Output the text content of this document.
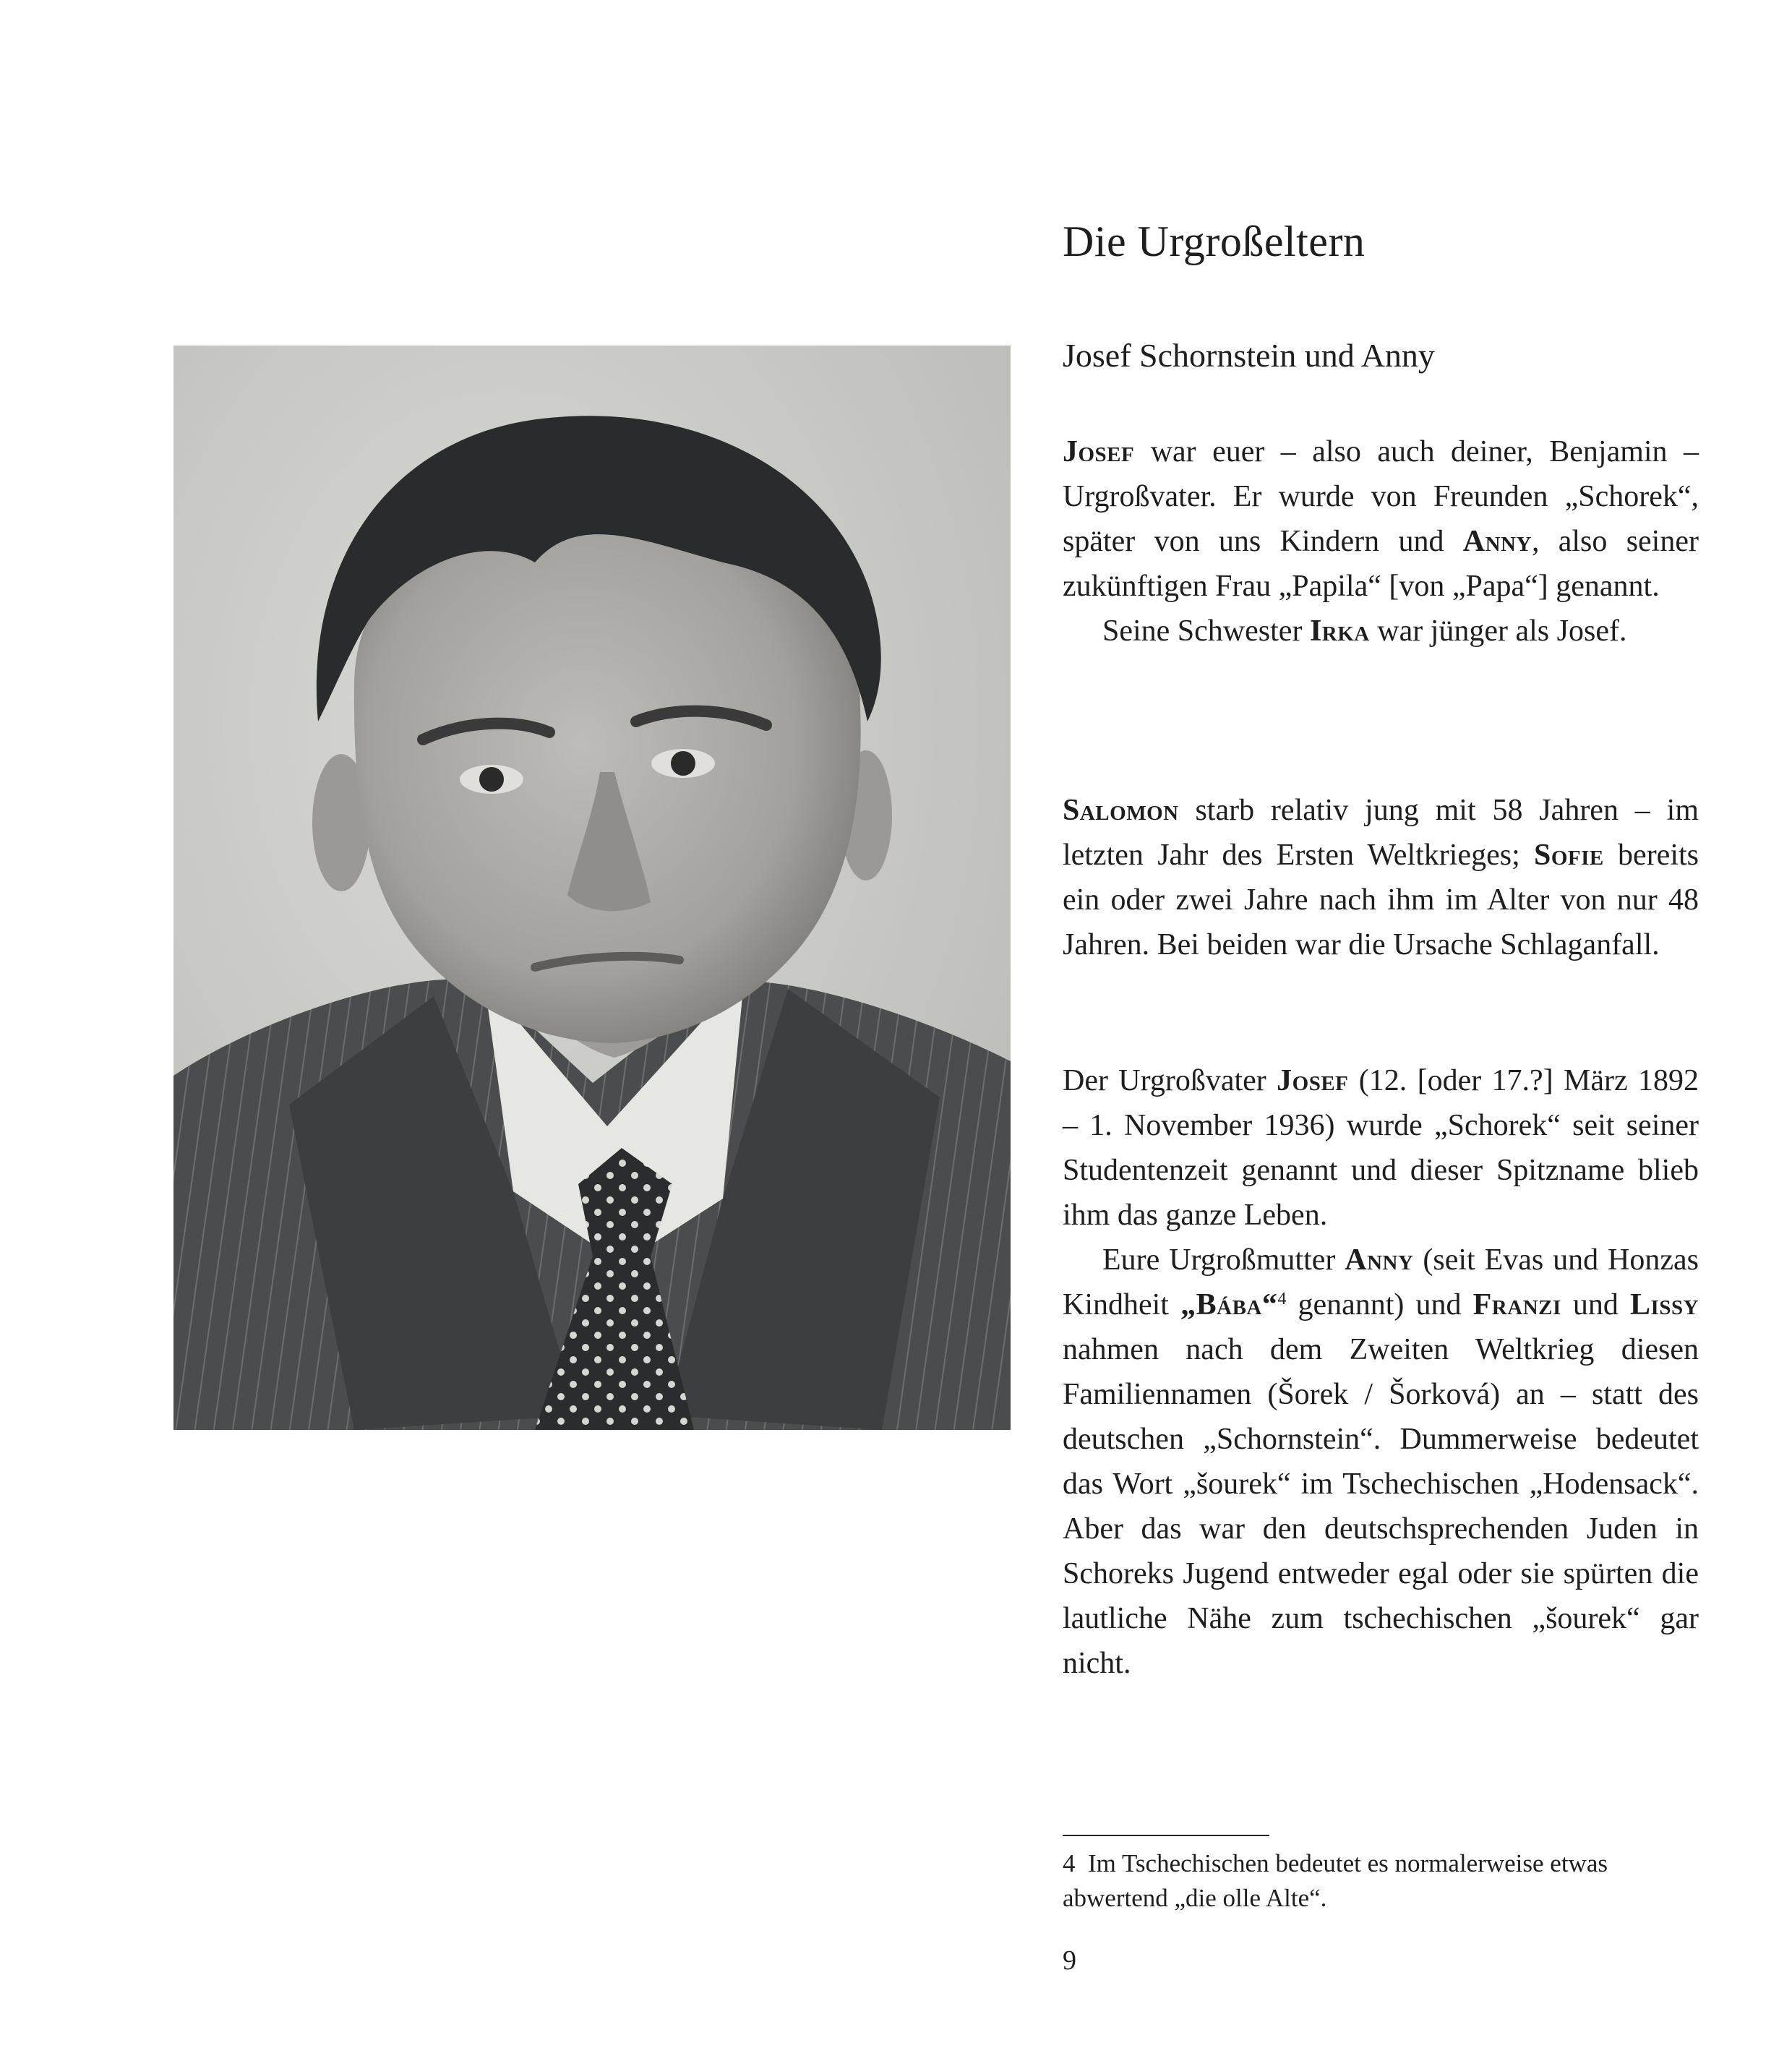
Die Urgroßeltern
Josef Schornstein und Anny

Josef war euer – also auch deiner, Benjamin – Urgroßvater. Er wurde von Freunden „Schorek“, später von uns Kindern und Anny, also seiner zukünftigen Frau „Papila“ [von „Papa“] genannt.

Seine Schwester Irka war jünger als Josef.

Salomon starb relativ jung mit 58 Jahren – im letzten Jahr des Ersten Weltkrieges; Sofie bereits ein oder zwei Jahre nach ihm im Alter von nur 48 Jahren. Bei beiden war die Ursache Schlaganfall.

Der Urgroßvater Josef (12. [oder 17.?] März 1892 – 1. November 1936) wurde „Schorek“ seit seiner Studentenzeit genannt und dieser Spitzname blieb ihm das ganze Leben.

Eure Urgroßmutter Anny (seit Evas und Honzas Kindheit „Bába“$^4$ genannt) und Franzi und Lissy nahmen nach dem Zweiten Weltkrieg diesen Familiennamen (Šorek / Šorková) an – statt des deutschen „Schornstein“. Dummerweise bedeutet das Wort „šourek“ im Tschechischen „Hodensack“. Aber das war den deutschsprechenden Juden in Schoreks Jugend entweder egal oder sie spürten die lautliche Nähe zum tschechischen „šourek“ gar nicht.

4  Im Tschechischen bedeutet es normalerweise etwas abwertend „die olle Alte“.

9
